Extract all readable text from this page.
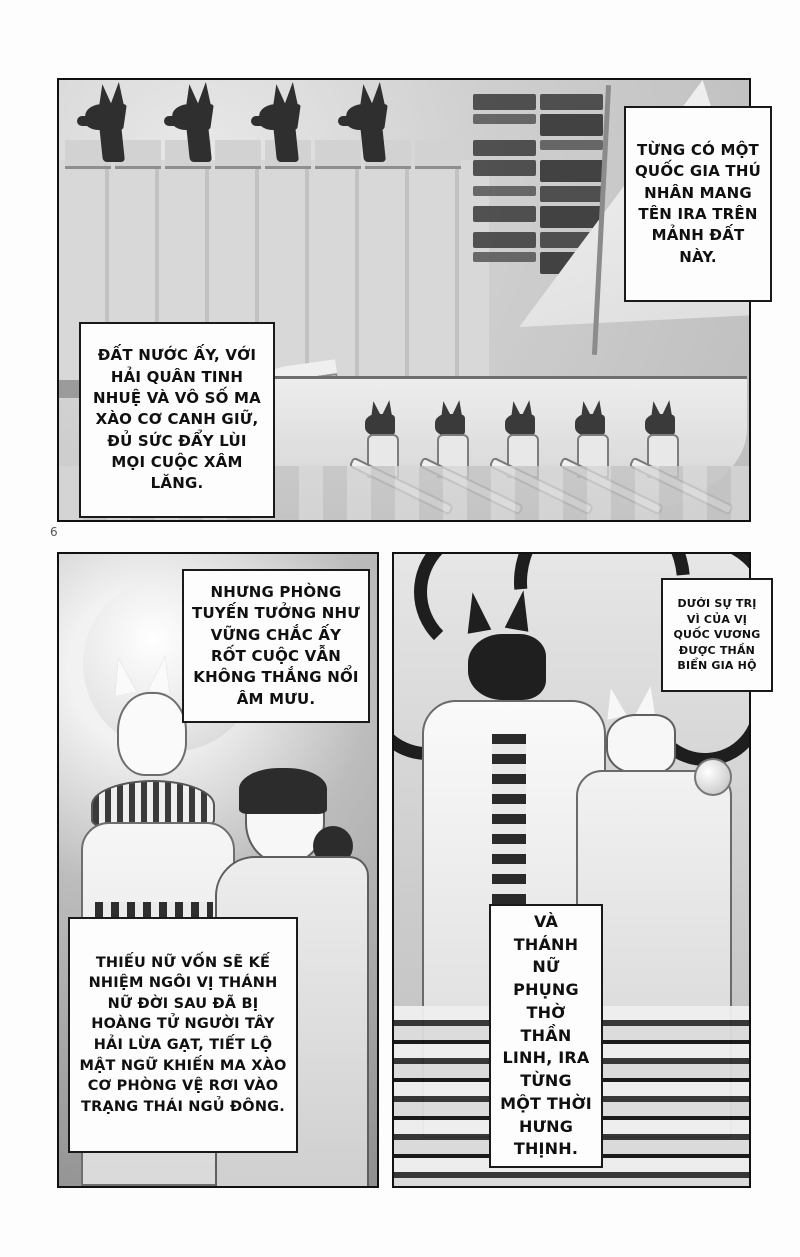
TỪNG CÓ MỘT QUỐC GIA THÚ NHÂN MANG TÊN IRA TRÊN MẢNH ĐẤT NÀY.
ĐẤT NƯỚC ẤY, VỚI HẢI QUÂN TINH NHUỆ VÀ VÔ SỐ MA XÀO CƠ CANH GIỮ, ĐỦ SỨC ĐẨY LÙI MỌI CUỘC XÂM LĂNG.
NHƯNG PHÒNG TUYẾN TƯỞNG NHƯ VỮNG CHẮC ẤY RỐT CUỘC VẪN KHÔNG THẮNG NỔI ÂM MƯU.
DƯỚI SỰ TRỊ VÌ CỦA VỊ QUỐC VƯƠNG ĐƯỢC THẦN BIỂN GIA HỘ
VÀ THÁNH NỮ PHỤNG THỜ THẦN LINH, IRA TỪNG MỘT THỜI HƯNG THỊNH.
THIẾU NỮ VỐN SẼ KẾ NHIỆM NGÔI VỊ THÁNH NỮ ĐỜI SAU ĐÃ BỊ HOÀNG TỬ NGƯỜI TÂY HẢI LỪA GẠT, TIẾT LỘ MẬT NGỮ KHIẾN MA XÀO CƠ PHÒNG VỆ RƠI VÀO TRẠNG THÁI NGỦ ĐÔNG.
6
